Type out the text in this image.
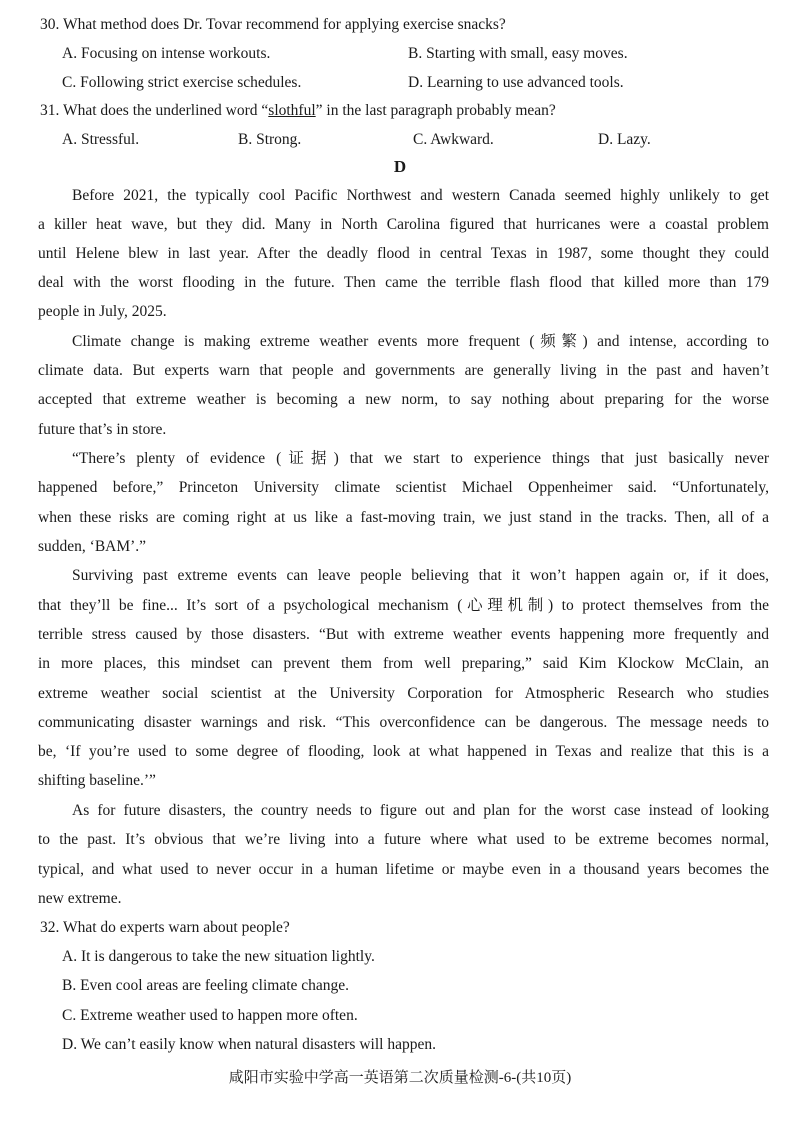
30. What method does Dr. Tovar recommend for applying exercise snacks?
A. Focusing on intense workouts.	B. Starting with small, easy moves.
C. Following strict exercise schedules.	D. Learning to use advanced tools.
31. What does the underlined word “slothful” in the last paragraph probably mean?
A. Stressful.	B. Strong.	C. Awkward.	D. Lazy.
D
Before 2021, the typically cool Pacific Northwest and western Canada seemed highly unlikely to get
a killer heat wave, but they did. Many in North Carolina figured that hurricanes were a coastal problem
until Helene blew in last year. After the deadly flood in central Texas in 1987, some thought they could
deal with the worst flooding in the future. Then came the terrible flash flood that killed more than 179
people in July, 2025.
Climate change is making extreme weather events more frequent (频繁) and intense, according to
climate data. But experts warn that people and governments are generally living in the past and haven’t
accepted that extreme weather is becoming a new norm, to say nothing about preparing for the worse
future that’s in store.
“There’s plenty of evidence (证据) that we start to experience things that just basically never
happened before,” Princeton University climate scientist Michael Oppenheimer said. “Unfortunately,
when these risks are coming right at us like a fast-moving train, we just stand in the tracks. Then, all of a
sudden, ‘BAM’.”
Surviving past extreme events can leave people believing that it won’t happen again or, if it does,
that they’ll be fine... It’s sort of a psychological mechanism (心理机制) to protect themselves from the
terrible stress caused by those disasters. “But with extreme weather events happening more frequently and
in more places, this mindset can prevent them from well preparing,” said Kim Klockow McClain, an
extreme weather social scientist at the University Corporation for Atmospheric Research who studies
communicating disaster warnings and risk. “This overconfidence can be dangerous. The message needs to
be, ‘If you’re used to some degree of flooding, look at what happened in Texas and realize that this is a
shifting baseline.’”
As for future disasters, the country needs to figure out and plan for the worst case instead of looking
to the past. It’s obvious that we’re living into a future where what used to be extreme becomes normal,
typical, and what used to never occur in a human lifetime or maybe even in a thousand years becomes the
new extreme.
32. What do experts warn about people?
A. It is dangerous to take the new situation lightly.
B. Even cool areas are feeling climate change.
C. Extreme weather used to happen more often.
D. We can’t easily know when natural disasters will happen.
咸阳市实验中学高一英语第二次质量检测-6-(共10页)
